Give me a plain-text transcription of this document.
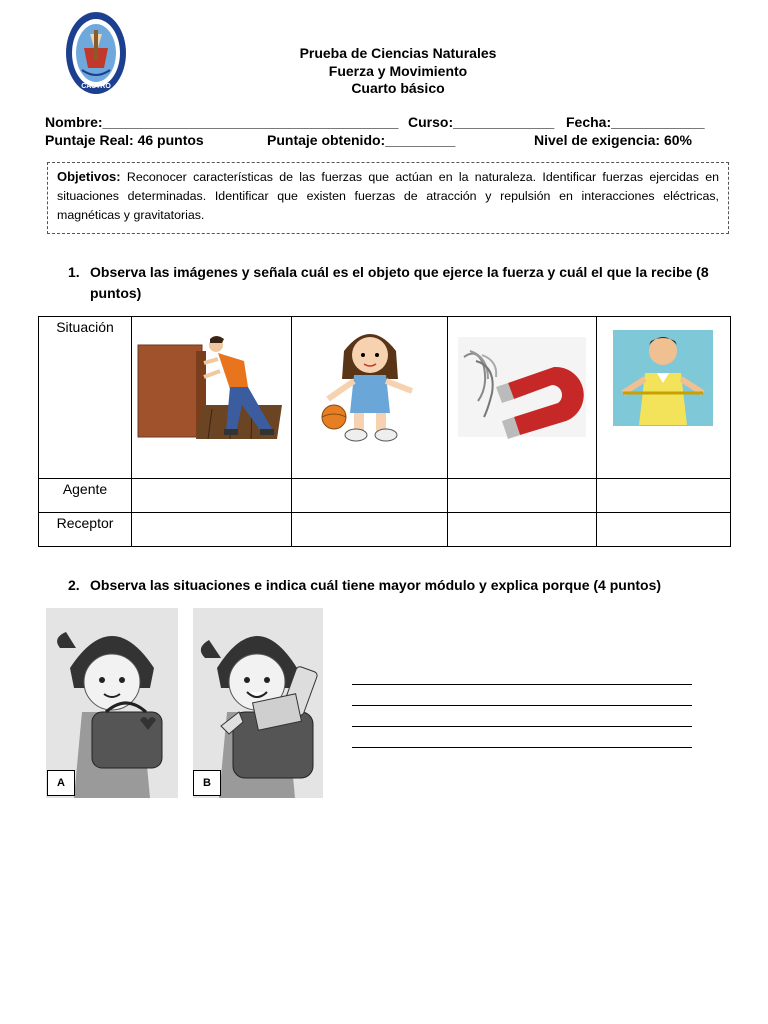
CASTRO
Prueba de Ciencias Naturales
Fuerza y Movimiento
Cuarto básico
Nombre:______________________________________ Curso:_____________ Fecha:____________
Puntaje Real: 46 puntos	Puntaje obtenido:_________	Nivel de exigencia: 60%
Objetivos: Reconocer características de las fuerzas que actúan en la naturaleza. Identificar fuerzas ejercidas en situaciones determinadas. Identificar que existen fuerzas de atracción y repulsión en interacciones eléctricas, magnéticas y gravitatorias.
1. Observa las imágenes y señala cuál es el objeto que ejerce la fuerza y cuál el que la recibe (8 puntos)
Situación				
Agente				
Receptor				
2. Observa las situaciones e indica cuál tiene mayor módulo y explica porque (4 puntos)
A	B
